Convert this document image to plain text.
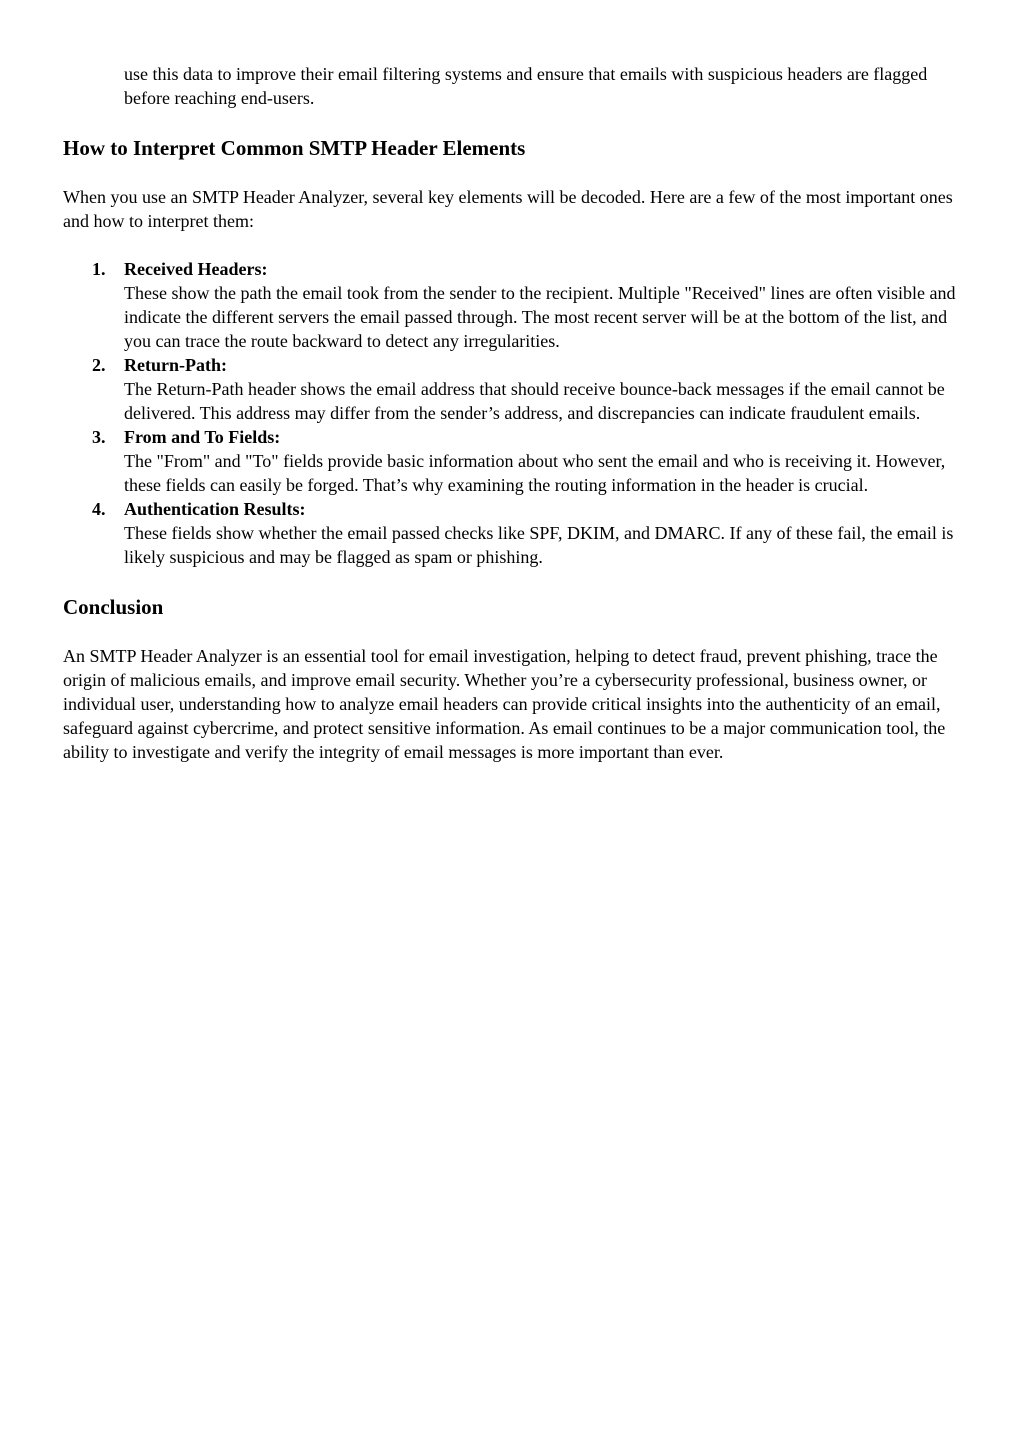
use this data to improve their email filtering systems and ensure that emails with suspicious headers are flagged before reaching end-users.

How to Interpret Common SMTP Header Elements

When you use an SMTP Header Analyzer, several key elements will be decoded. Here are a few of the most important ones and how to interpret them:

1. Received Headers:
These show the path the email took from the sender to the recipient. Multiple "Received" lines are often visible and indicate the different servers the email passed through. The most recent server will be at the bottom of the list, and you can trace the route backward to detect any irregularities.
2. Return-Path:
The Return-Path header shows the email address that should receive bounce-back messages if the email cannot be delivered. This address may differ from the sender’s address, and discrepancies can indicate fraudulent emails.
3. From and To Fields:
The "From" and "To" fields provide basic information about who sent the email and who is receiving it. However, these fields can easily be forged. That’s why examining the routing information in the header is crucial.
4. Authentication Results:
These fields show whether the email passed checks like SPF, DKIM, and DMARC. If any of these fail, the email is likely suspicious and may be flagged as spam or phishing.
Conclusion

An SMTP Header Analyzer is an essential tool for email investigation, helping to detect fraud, prevent phishing, trace the origin of malicious emails, and improve email security. Whether you’re a cybersecurity professional, business owner, or individual user, understanding how to analyze email headers can provide critical insights into the authenticity of an email, safeguard against cybercrime, and protect sensitive information. As email continues to be a major communication tool, the ability to investigate and verify the integrity of email messages is more important than ever.
